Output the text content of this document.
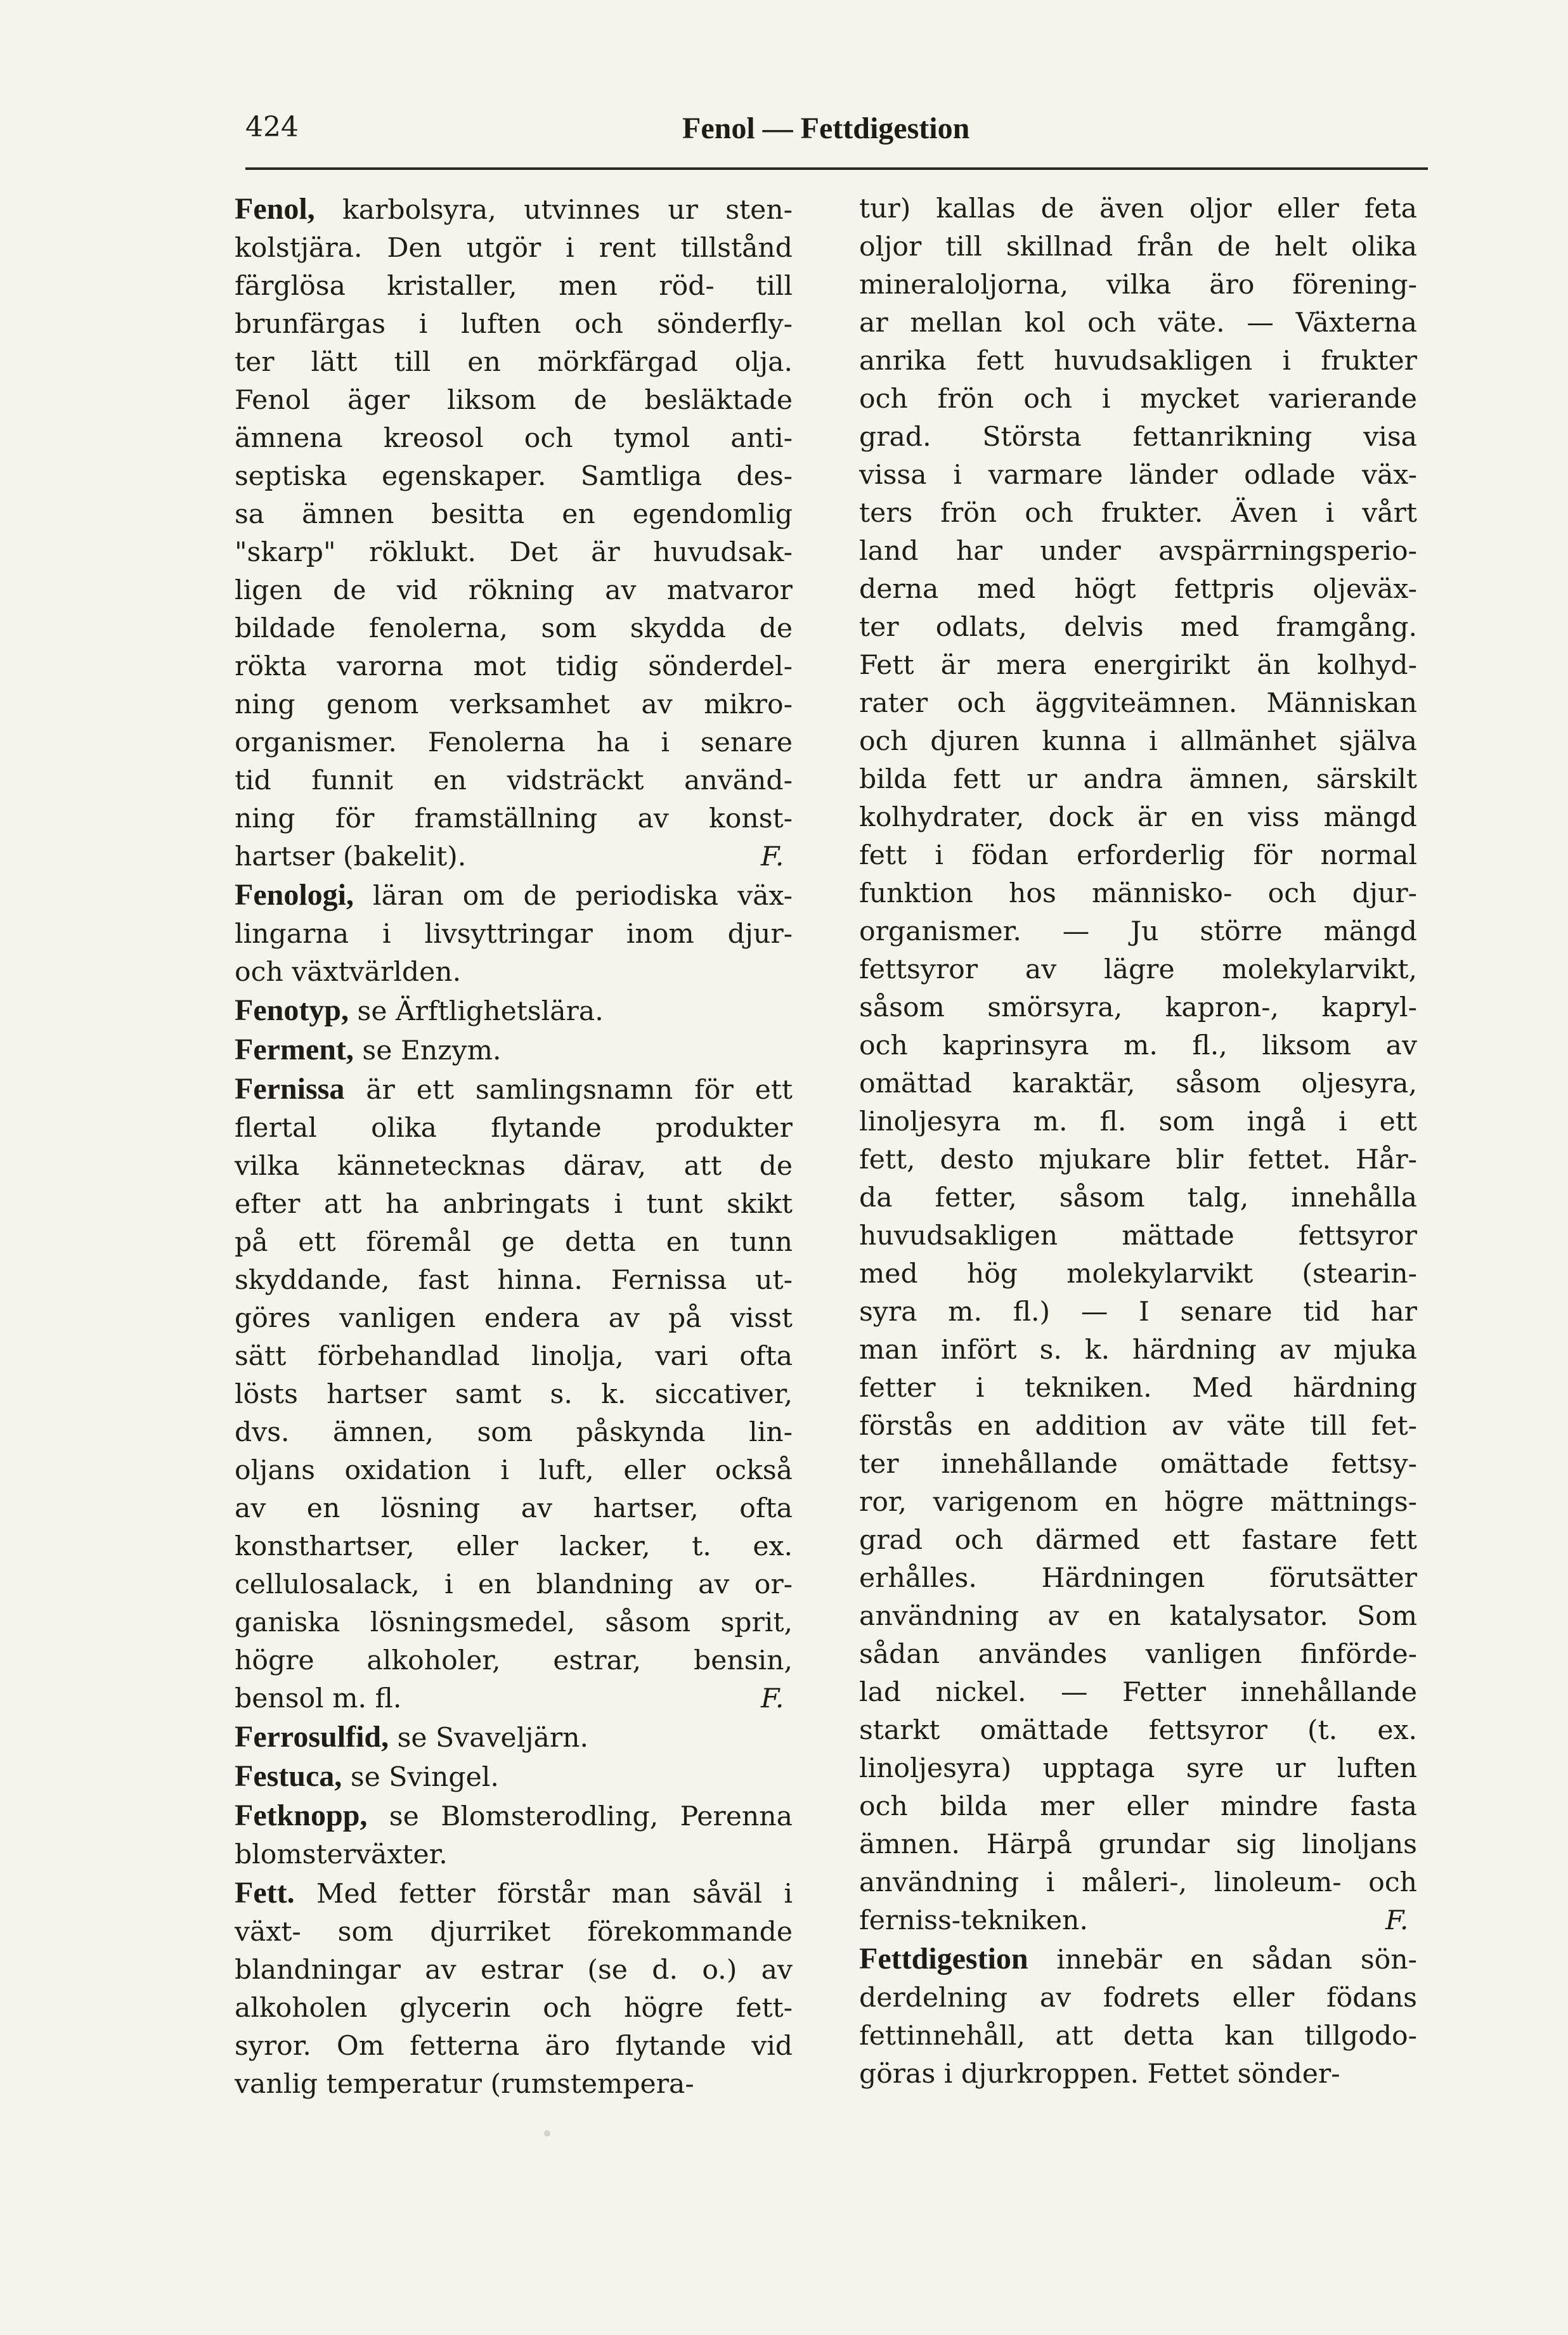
424	Fenol — Fettdigestion
Fenol, karbolsyra, utvinnes ur sten-
kolstjära. Den utgör i rent tillstånd
färglösa kristaller, men röd- till
brunfärgas i luften och sönderfly-
ter lätt till en mörkfärgad olja.
Fenol äger liksom de besläktade
ämnena kreosol och tymol anti-
septiska egenskaper. Samtliga des-
sa ämnen besitta en egendomlig
"skarp" röklukt. Det är huvudsak-
ligen de vid rökning av matvaror
bildade fenolerna, som skydda de
rökta varorna mot tidig sönderdel-
ning genom verksamhet av mikro-
organismer. Fenolerna ha i senare
tid funnit en vidsträckt använd-
ning för framställning av konst-
hartser (bakelit).	F.
Fenologi, läran om de periodiska väx-
lingarna i livsyttringar inom djur-
och växtvärlden.
Fenotyp, se Ärftlighetslära.
Ferment, se Enzym.
Fernissa är ett samlingsnamn för ett
flertal olika flytande produkter
vilka kännetecknas därav, att de
efter att ha anbringats i tunt skikt
på ett föremål ge detta en tunn
skyddande, fast hinna. Fernissa ut-
göres vanligen endera av på visst
sätt förbehandlad linolja, vari ofta
lösts hartser samt s. k. siccativer,
dvs. ämnen, som påskynda lin-
oljans oxidation i luft, eller också
av en lösning av hartser, ofta
konsthartser, eller lacker, t. ex.
cellulosalack, i en blandning av or-
ganiska lösningsmedel, såsom sprit,
högre alkoholer, estrar, bensin,
bensol m. fl.	F.
Ferrosulfid, se Svaveljärn.
Festuca, se Svingel.
Fetknopp, se Blomsterodling, Perenna
blomsterväxter.
Fett. Med fetter förstår man såväl i
växt- som djurriket förekommande
blandningar av estrar (se d. o.) av
alkoholen glycerin och högre fett-
syror. Om fetterna äro flytande vid
vanlig temperatur (rumstempera-
tur) kallas de även oljor eller feta
oljor till skillnad från de helt olika
mineraloljorna, vilka äro förening-
ar mellan kol och väte. — Växterna
anrika fett huvudsakligen i frukter
och frön och i mycket varierande
grad. Största fettanrikning visa
vissa i varmare länder odlade väx-
ters frön och frukter. Även i vårt
land har under avspärrningsperio-
derna med högt fettpris oljeväx-
ter odlats, delvis med framgång.
Fett är mera energirikt än kolhyd-
rater och äggviteämnen. Människan
och djuren kunna i allmänhet själva
bilda fett ur andra ämnen, särskilt
kolhydrater, dock är en viss mängd
fett i födan erforderlig för normal
funktion hos människo- och djur-
organismer. — Ju större mängd
fettsyror av lägre molekylarvikt,
såsom smörsyra, kapron-, kapryl-
och kaprinsyra m. fl., liksom av
omättad karaktär, såsom oljesyra,
linoljesyra m. fl. som ingå i ett
fett, desto mjukare blir fettet. Hår-
da fetter, såsom talg, innehålla
huvudsakligen mättade fettsyror
med hög molekylarvikt (stearin-
syra m. fl.) — I senare tid har
man infört s. k. härdning av mjuka
fetter i tekniken. Med härdning
förstås en addition av väte till fet-
ter innehållande omättade fettsy-
ror, varigenom en högre mättnings-
grad och därmed ett fastare fett
erhålles. Härdningen förutsätter
användning av en katalysator. Som
sådan användes vanligen finförde-
lad nickel. — Fetter innehållande
starkt omättade fettsyror (t. ex.
linoljesyra) upptaga syre ur luften
och bilda mer eller mindre fasta
ämnen. Härpå grundar sig linoljans
användning i måleri-, linoleum- och
ferniss-tekniken.	F.
Fettdigestion innebär en sådan sön-
derdelning av fodrets eller födans
fettinnehåll, att detta kan tillgodo-
göras i djurkroppen. Fettet sönder-
